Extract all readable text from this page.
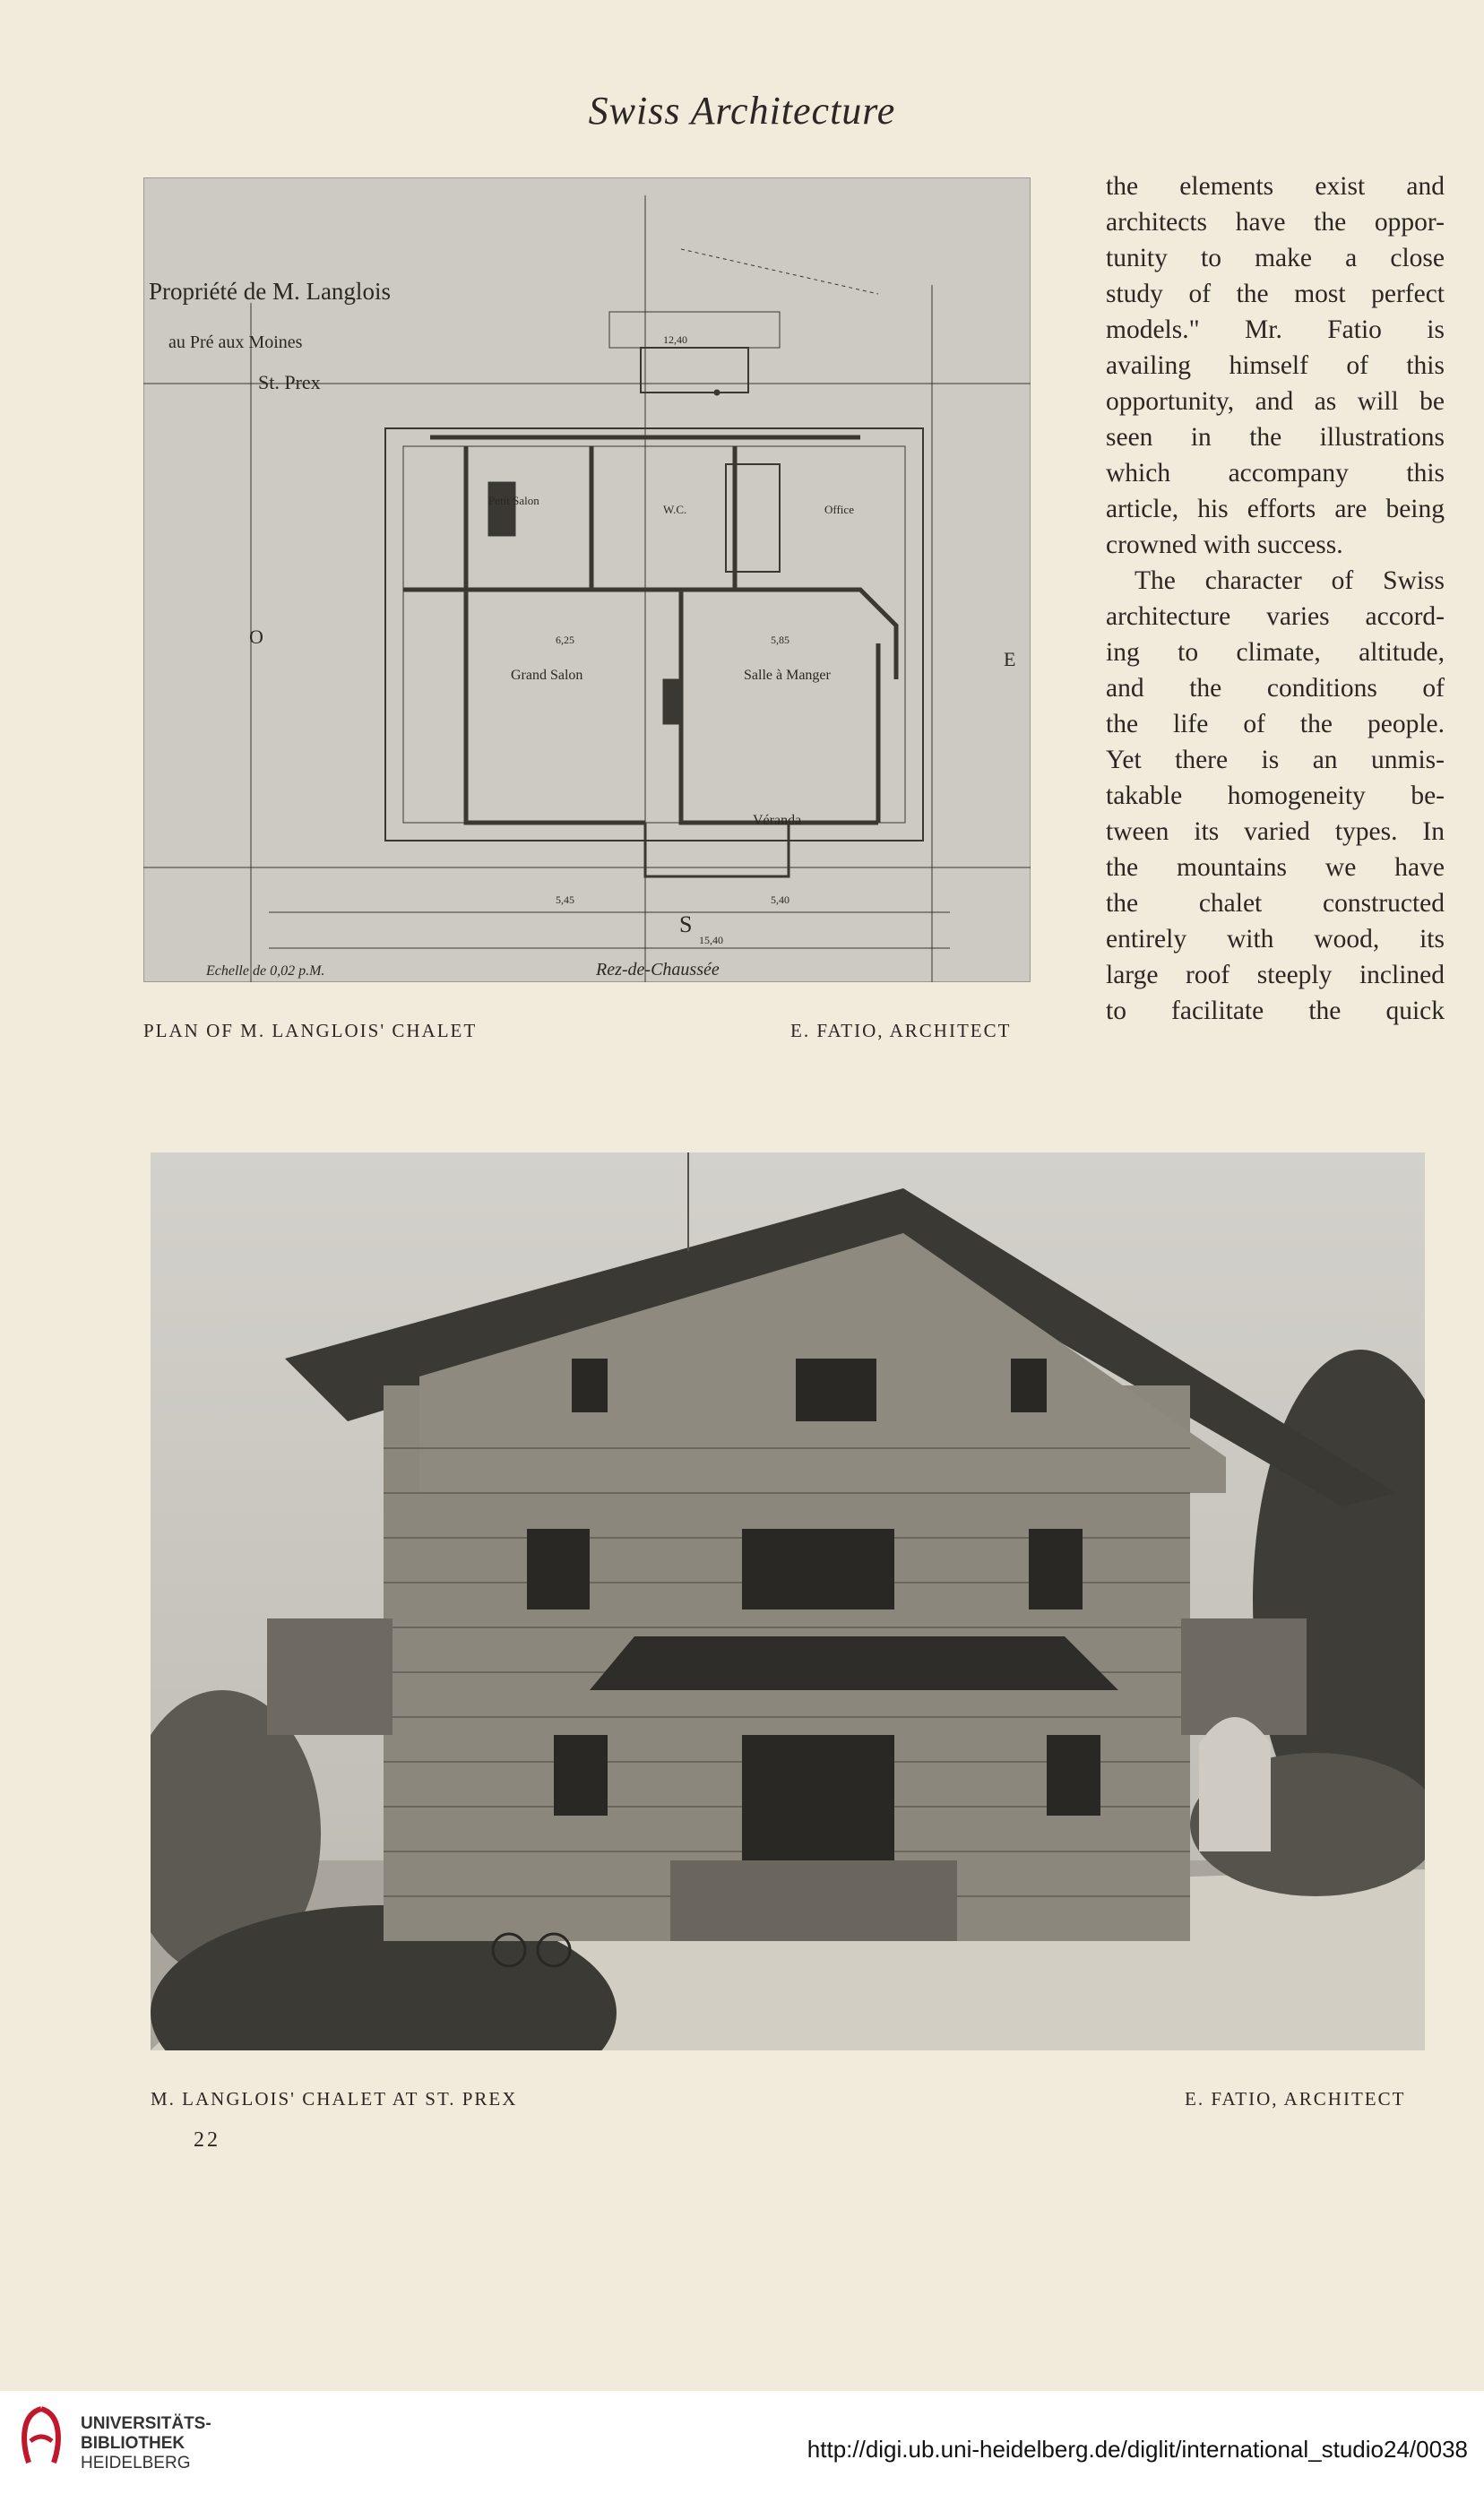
Swiss Architecture
Propriété de M. Langlois
au Pré aux Moines
St. Prex
Petit Salon
W.C.	Office
Grand Salon	Salle à Manger
Véranda
12,40
5,45	5,40
5,85
6,25
15,40
S
E
O
Echelle de 0,02 p.M.	Rez-de-Chaussée
PLAN OF M. LANGLOIS' CHALET	E. FATIO, ARCHITECT

the elements exist and
architects have the oppor-
tunity to make a close
study of the most perfect
models." Mr. Fatio is
availing himself of this
opportunity, and as will be
seen in the illustrations
which accompany this
article, his efforts are being
crowned with success.

The character of Swiss
architecture varies accord-
ing to climate, altitude,
and the conditions of
the life of the people.
Yet there is an unmis-
takable homogeneity be-
tween its varied types. In
the mountains we have
the chalet constructed
entirely with wood, its
large roof steeply inclined
to facilitate the quick

M. LANGLOIS' CHALET AT ST. PREX	E. FATIO, ARCHITECT
22
UNIVERSITÄTS-
BIBLIOTHEK
HEIDELBERG
http://digi.ub.uni-heidelberg.de/diglit/international_studio24/0038
